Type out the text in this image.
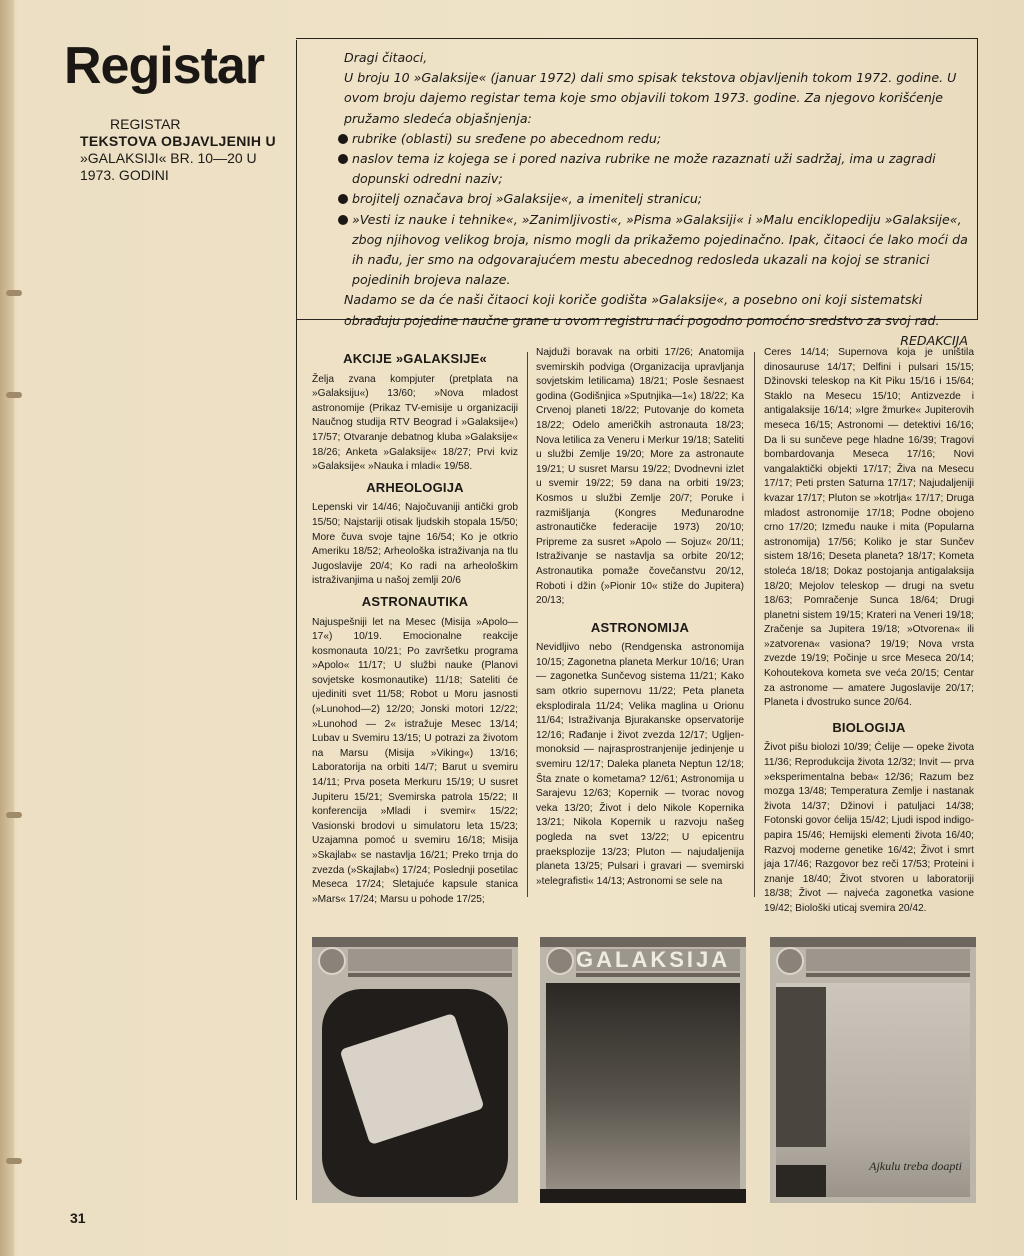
Registar
REGISTAR
TEKSTOVA OBJAVLJENIH U
»GALAKSIJI« BR. 10—20 U
1973. GODINI

Dragi čitaoci,

U broju 10 »Galaksije« (januar 1972) dali smo spisak tekstova objavljenih tokom 1972. godine. U ovom broju dajemo registar tema koje smo objavili tokom 1973. godine. Za njegovo korišćenje pružamo sledeća objašnjenja:

rubrike (oblasti) su sređene po abecednom redu;

naslov tema iz kojega se i pored naziva rubrike ne može razaznati uži sadržaj, ima u zagradi dopunski odredni naziv;

brojitelj označava broj »Galaksije«, a imenitelj stranicu;

»Vesti iz nauke i tehnike«, »Zanimljivosti«, »Pisma »Galaksiji« i »Malu enciklopediju »Galaksije«, zbog njihovog velikog broja, nismo mogli da prikažemo pojedinačno. Ipak, čitaoci će lako moći da ih nađu, jer smo na odgovarajućem mestu abecednog redosleda ukazali na kojoj se stranici pojedinih brojeva nalaze.

Nadamo se da će naši čitaoci koji koriče godišta »Galaksije«, a posebno oni koji sistematski obrađuju pojedine naučne grane u ovom registru naći pogodno pomoćno sredstvo za svoj rad.

REDAKCIJA

AKCIJE »GALAKSIJE«

Želja zvana kompjuter (pretplata na »Galaksiju«) 13/60; »Nova mladost astronomije (Prikaz TV-emisije u organizaciji Naučnog studija RTV Beograd i »Galaksije«) 17/57; Otvaranje debatnog kluba »Galaksije« 18/26; Anketa »Galaksije« 18/27; Prvi kviz »Galaksije« »Nauka i mladi« 19/58.

ARHEOLOGIJA

Lepenski vir 14/46; Najočuvaniji antički grob 15/50; Najstariji otisak ljudskih stopala 15/50; More čuva svoje tajne 16/54; Ko je otkrio Ameriku 18/52; Arheološka istraživanja na tlu Jugoslavije 20/4; Ko radi na arheološkim istraživanjima u našoj zemlji 20/6

ASTRONAUTIKA

Najuspešniji let na Mesec (Misija »Apolo—17«) 10/19. Emocionalne reakcije kosmonauta 10/21; Po završetku programa »Apolo« 11/17; U službi nauke (Planovi sovjetske kosmonautike) 11/18; Sateliti će ujediniti svet 11/58; Robot u Moru jasnosti (»Lunohod—2) 12/20; Jonski motori 12/22; »Lunohod — 2« istražuje Mesec 13/14; Lubav u Svemiru 13/15; U potrazi za životom na Marsu (Misija »Viking«) 13/16; Laboratorija na orbiti 14/7; Barut u svemiru 14/11; Prva poseta Merkuru 15/19; U susret Jupiteru 15/21; Svemirska patrola 15/22; II konferencija »Mladi i svemir« 15/22; Vasionski brodovi u simulatoru leta 15/23; Uzajamna pomoć u svemiru 16/18; Misija »Skajlab« se nastavlja 16/21; Preko trnja do zvezda (»Skajlab«) 17/24; Poslednji posetilac Meseca 17/24; Sletajuće kapsule stanica »Mars« 17/24; Marsu u pohode 17/25;

Najduži boravak na orbiti 17/26; Anatomija svemirskih podviga (Organizacija upravljanja sovjetskim letilicama) 18/21; Posle šesnaest godina (Godišnjica »Sputnjika—1«) 18/22; Ka Crvenoj planeti 18/22; Putovanje do kometa 18/22; Odelo američkih astronauta 18/23; Nova letilica za Veneru i Merkur 19/18; Sateliti u službi Zemlje 19/20; More za astronaute 19/21; U susret Marsu 19/22; Dvodnevni izlet u svemir 19/22; 59 dana na orbiti 19/23; Kosmos u službi Zemlje 20/7; Poruke i razmišljanja (Kongres Međunarodne astronautičke federacije 1973) 20/10; Pripreme za susret »Apolo — Sojuz« 20/11; Istraživanje se nastavlja sa orbite 20/12; Astronautika pomaže čovečanstvu 20/12, Roboti i džin (»Pionir 10« stiže do Jupitera) 20/13;

ASTRONOMIJA

Nevidljivo nebo (Rendgenska astronomija 10/15; Zagonetna planeta Merkur 10/16; Uran — zagonetka Sunčevog sistema 11/21; Kako sam otkrio supernovu 11/22; Peta planeta eksplodirala 11/24; Velika maglina u Orionu 11/64; Istraživanja Bjurakanske opservatorije 12/16; Rađanje i život zvezda 12/17; Ugljen-monoksid — najrasprostranjenije jedinjenje u svemiru 12/17; Daleka planeta Neptun 12/18; Šta znate o kometama? 12/61; Astronomija u Sarajevu 12/63; Kopernik — tvorac novog veka 13/20; Život i delo Nikole Kopernika 13/21; Nikola Kopernik u razvoju našeg pogleda na svet 13/22; U epicentru praeksplozije 13/23; Pluton — najudaljenija planeta 13/25; Pulsari i gravari — svemirski »telegrafisti« 14/13; Astronomi se sele na

Ceres 14/14; Supernova koja je uništila dinosauruse 14/17; Delfini i pulsari 15/15; Džinovski teleskop na Kit Piku 15/16 i 15/64; Staklo na Mesecu 15/10; Antizvezde i antigalaksije 16/14; »Igre žmurke« Jupiterovih meseca 16/15; Astronomi — detektivi 16/16; Da li su sunčeve pege hladne 16/39; Tragovi bombardovanja Meseca 17/16; Novi vangalaktički objekti 17/17; Živa na Mesecu 17/17; Peti prsten Saturna 17/17; Najudaljeniji kvazar 17/17; Pluton se »kotrlja« 17/17; Druga mladost astronomije 17/18; Podne obojeno crno 17/20; Između nauke i mita (Popularna astronomija) 17/56; Koliko je star Sunčev sistem 18/16; Deseta planeta? 18/17; Kometa stoleća 18/18; Dokaz postojanja antigalaksija 18/20; Mejolov teleskop — drugi na svetu 18/63; Pomračenje Sunca 18/64; Drugi planetni sistem 19/15; Krateri na Veneri 19/18; Zračenje sa Jupitera 19/18; »Otvorena« ili »zatvorena« vasiona? 19/19; Nova vrsta zvezde 19/19; Počinje u srce Meseca 20/14; Kohoutekova kometa sve veća 20/15; Centar za astronome — amatere Jugoslavije 20/17; Planeta i dvostruko sunce 20/64.

BIOLOGIJA

Život pišu biolozi 10/39; Ćelije — opeke života 11/36; Reprodukcija života 12/32; Invit — prva »eksperimentalna beba« 12/36; Razum bez mozga 13/48; Temperatura Zemlje i nastanak života 14/37; Džinovi i patuljaci 14/38; Fotonski govor ćelija 15/42; Ljudi ispod indigo-papira 15/46; Hemijski elementi života 16/40; Razvoj moderne genetike 16/42; Život i smrt jaja 17/46; Razgovor bez reči 17/53; Proteini i znanje 18/40; Život stvoren u laboratoriji 18/38; Život — najveća zagonetka vasione 19/42; Biološki uticaj svemira 20/42.

GALAKSIJA
Ajkulu treba doapti
31
